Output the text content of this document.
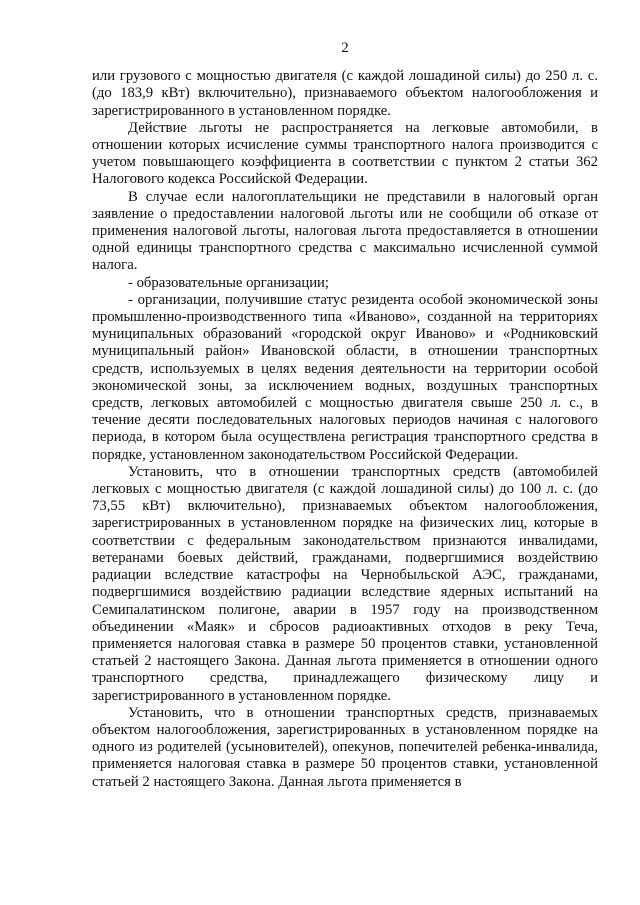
2

или грузового с мощностью двигателя (с каждой лошадиной силы) до 250 л. с. (до 183,9 кВт) включительно), признаваемого объектом налогообложения и зарегистрированного в установленном порядке.

Действие льготы не распространяется на легковые автомобили, в отношении которых исчисление суммы транспортного налога производится с учетом повышающего коэффициента в соответствии с пунктом 2 статьи 362 Налогового кодекса Российской Федерации.

В случае если налогоплательщики не представили в налоговый орган заявление о предоставлении налоговой льготы или не сообщили об отказе от применения налоговой льготы, налоговая льгота предоставляется в отношении одной единицы транспортного средства с максимально исчисленной суммой налога.

- образовательные организации;

- организации, получившие статус резидента особой экономической зоны промышленно-производственного типа «Иваново», созданной на территориях муниципальных образований «городской округ Иваново» и «Родниковский муниципальный район» Ивановской области, в отношении транспортных средств, используемых в целях ведения деятельности на территории особой экономической зоны, за исключением водных, воздушных транспортных средств, легковых автомобилей с мощностью двигателя свыше 250 л. с., в течение десяти последовательных налоговых периодов начиная с налогового периода, в котором была осуществлена регистрация транспортного средства в порядке, установленном законодательством Российской Федерации.

Установить, что в отношении транспортных средств (автомобилей легковых с мощностью двигателя (с каждой лошадиной силы) до 100 л. с. (до 73,55 кВт) включительно), признаваемых объектом налогообложения, зарегистрированных в установленном порядке на физических лиц, которые в соответствии с федеральным законодательством признаются инвалидами, ветеранами боевых действий, гражданами, подвергшимися воздействию радиации вследствие катастрофы на Чернобыльской АЭС, гражданами, подвергшимися воздействию радиации вследствие ядерных испытаний на Семипалатинском полигоне, аварии в 1957 году на производственном объединении «Маяк» и сбросов радиоактивных отходов в реку Теча, применяется налоговая ставка в размере 50 процентов ставки, установленной статьей 2 настоящего Закона. Данная льгота применяется в отношении одного транспортного средства, принадлежащего физическому лицу и зарегистрированного в установленном порядке.

Установить, что в отношении транспортных средств, признаваемых объектом налогообложения, зарегистрированных в установленном порядке на одного из родителей (усыновителей), опекунов, попечителей ребенка-инвалида, применяется налоговая ставка в размере 50 процентов ставки, установленной статьей 2 настоящего Закона. Данная льгота применяется в
